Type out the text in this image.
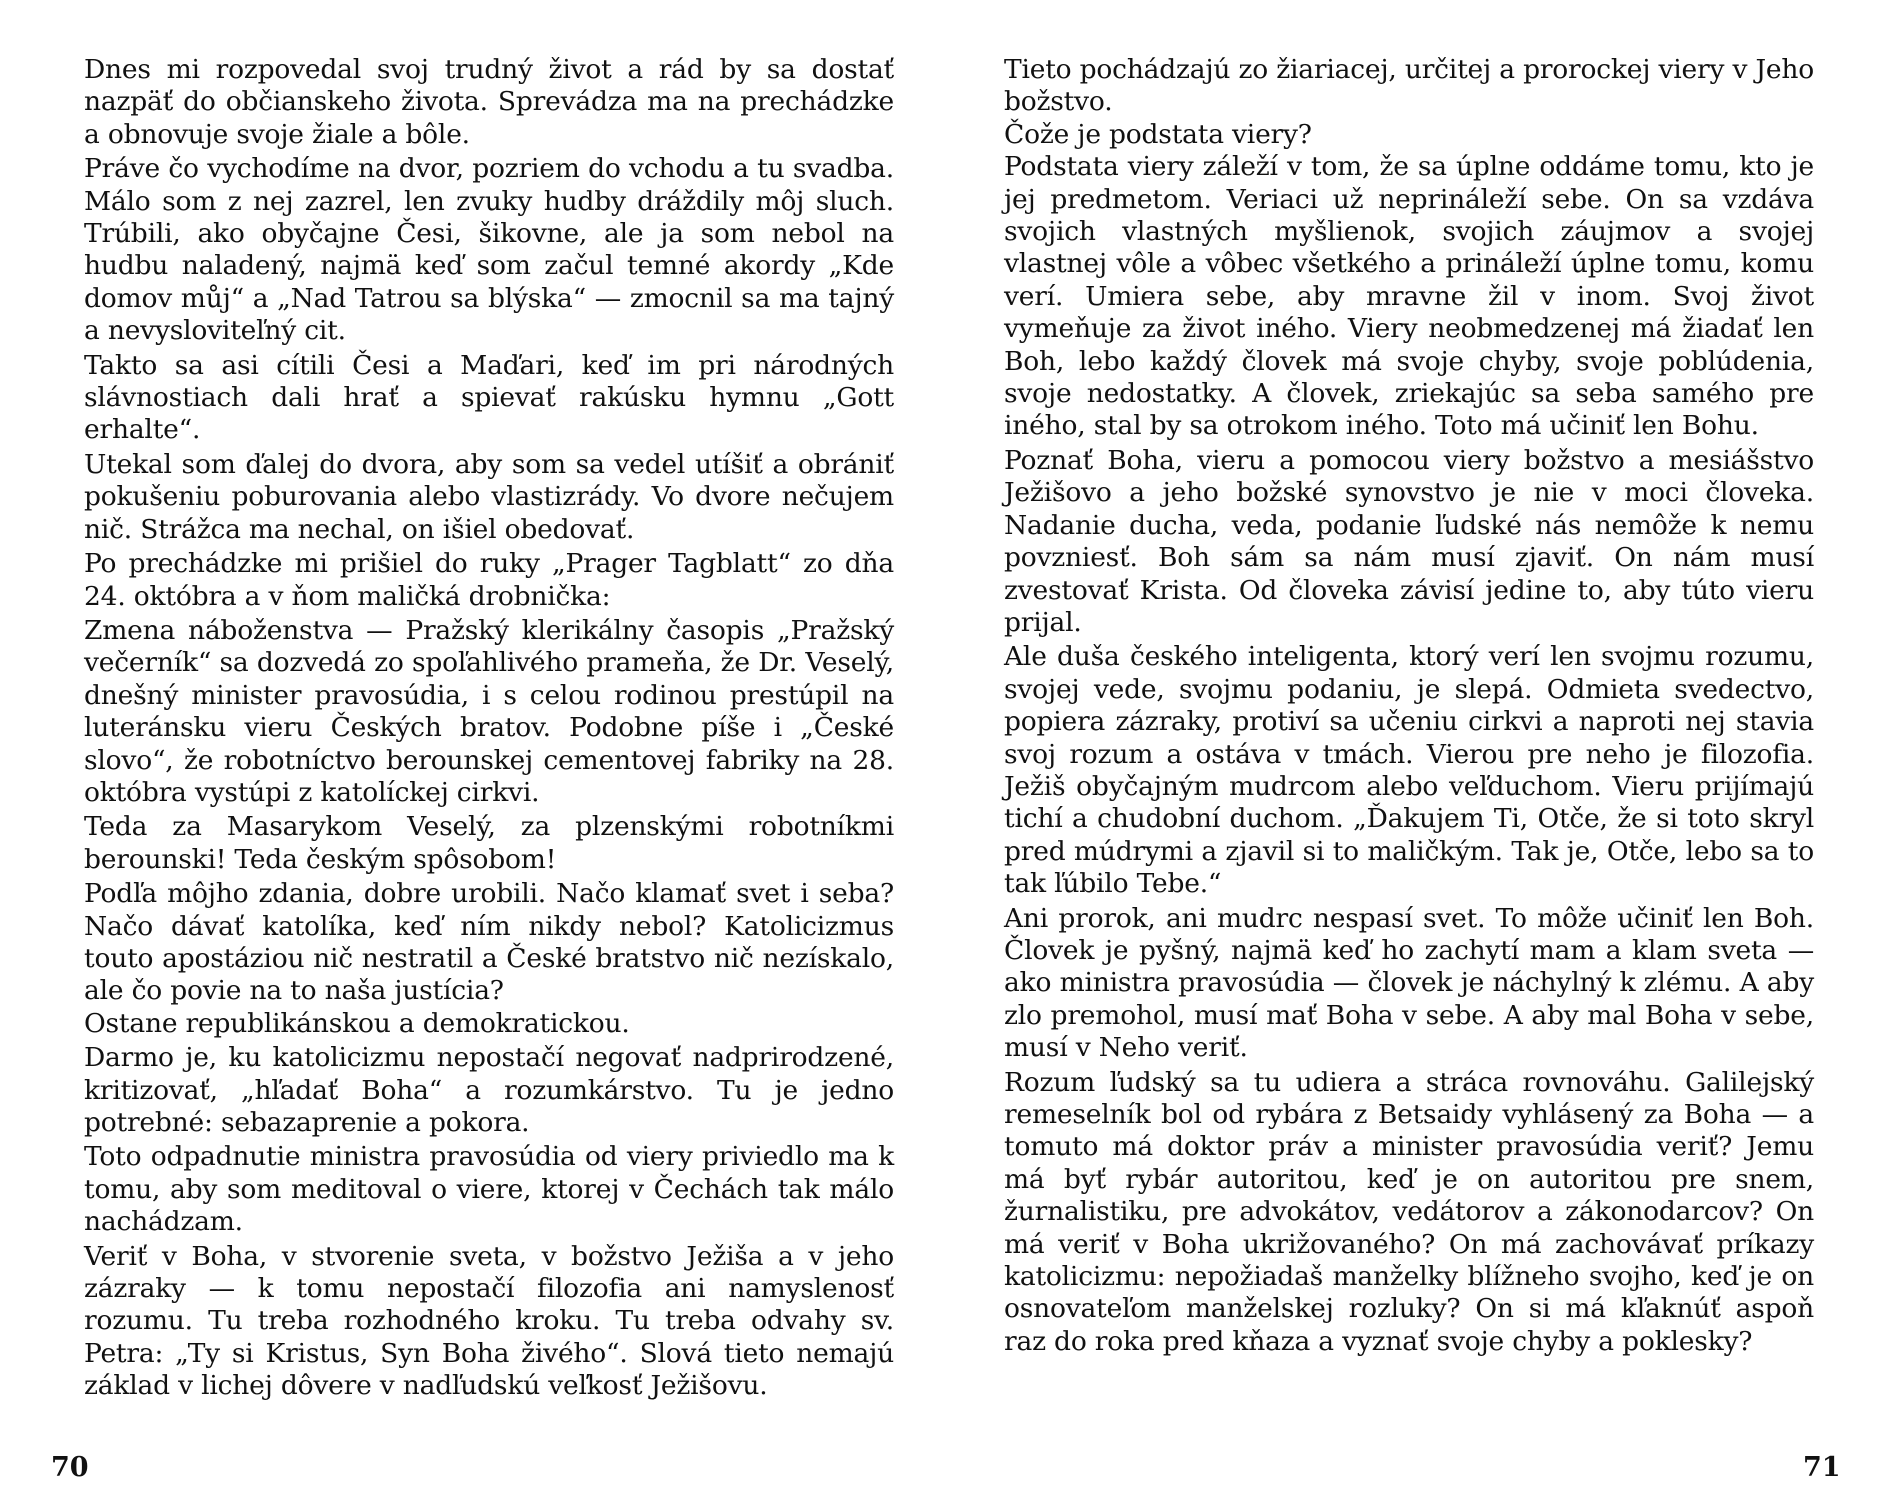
Dnes mi rozpovedal svoj trudný život a rád by sa dostať nazpäť do občianskeho života. Sprevádza ma na prechádzke a obnovuje svoje žiale a bôle.

Práve čo vychodíme na dvor, pozriem do vchodu a tu svadba. Málo som z nej zazrel, len zvuky hudby dráždily môj sluch. Trúbili, ako obyčajne Česi, šikovne, ale ja som nebol na hudbu naladený, najmä keď som začul temné akordy „Kde domov můj“ a „Nad Tatrou sa blýska“ — zmocnil sa ma tajný a nevysloviteľný cit.

Takto sa asi cítili Česi a Maďari, keď im pri národných slávnostiach dali hrať a spievať rakúsku hymnu „Gott erhalte“.

Utekal som ďalej do dvora, aby som sa vedel utíšiť a obrániť pokušeniu poburovania alebo vlastizrády. Vo dvore nečujem nič. Strážca ma nechal, on išiel obedovať.

Po prechádzke mi prišiel do ruky „Prager Tagblatt“ zo dňa 24. októbra a v ňom maličká drobnička:

Zmena náboženstva — Pražský klerikálny časopis „Pražský večerník“ sa dozvedá zo spoľahlivého prameňa, že Dr. Veselý, dnešný minister pravosúdia, i s celou rodinou prestúpil na luteránsku vieru Českých bratov. Podobne píše i „České slovo“, že robotníctvo berounskej cementovej fabriky na 28. októbra vystúpi z katolíckej cirkvi.

Teda za Masarykom Veselý, za plzenskými robotníkmi berounski! Teda českým spôsobom!

Podľa môjho zdania, dobre urobili. Načo klamať svet i seba? Načo dávať katolíka, keď ním nikdy nebol? Katolicizmus touto apostáziou nič nestratil a České bratstvo nič nezískalo, ale čo povie na to naša justícia?

Ostane republikánskou a demokratickou.

Darmo je, ku katolicizmu nepostačí negovať nadprirodzené, kritizovať, „hľadať Boha“ a rozumkárstvo. Tu je jedno potrebné: sebazaprenie a pokora.

Toto odpadnutie ministra pravosúdia od viery priviedlo ma k tomu, aby som meditoval o viere, ktorej v Čechách tak málo nachádzam.

Veriť v Boha, v stvorenie sveta, v božstvo Ježiša a v jeho zázraky — k tomu nepostačí filozofia ani namyslenosť rozumu. Tu treba rozhodného kroku. Tu treba odvahy sv. Petra: „Ty si Kristus, Syn Boha živého“. Slová tieto nemajú základ v lichej dôvere v nadľudskú veľkosť Ježišovu.

70

Tieto pochádzajú zo žiariacej, určitej a prorockej viery v Jeho božstvo.

Čože je podstata viery?

Podstata viery záleží v tom, že sa úplne oddáme tomu, kto je jej predmetom. Veriaci už neprináleží sebe. On sa vzdáva svojich vlastných myšlienok, svojich záujmov a svojej vlastnej vôle a vôbec všetkého a prináleží úplne tomu, komu verí. Umiera sebe, aby mravne žil v inom. Svoj život vymeňuje za život iného. Viery neobmedzenej má žiadať len Boh, lebo každý človek má svoje chyby, svoje poblúdenia, svoje nedostatky. A človek, zriekajúc sa seba samého pre iného, stal by sa otrokom iného. Toto má učiniť len Bohu.

Poznať Boha, vieru a pomocou viery božstvo a mesiášstvo Ježišovo a jeho božské synovstvo je nie v moci človeka. Nadanie ducha, veda, podanie ľudské nás nemôže k nemu povzniesť. Boh sám sa nám musí zjaviť. On nám musí zvestovať Krista. Od človeka závisí jedine to, aby túto vieru prijal.

Ale duša českého inteligenta, ktorý verí len svojmu rozumu, svojej vede, svojmu podaniu, je slepá. Odmieta svedectvo, popiera zázraky, protiví sa učeniu cirkvi a naproti nej stavia svoj rozum a ostáva v tmách. Vierou pre neho je filozofia. Ježiš obyčajným mudrcom alebo veľduchom. Vieru prijímajú tichí a chudobní duchom. „Ďakujem Ti, Otče, že si toto skryl pred múdrymi a zjavil si to maličkým. Tak je, Otče, lebo sa to tak ľúbilo Tebe.“

Ani prorok, ani mudrc nespasí svet. To môže učiniť len Boh. Človek je pyšný, najmä keď ho zachytí mam a klam sveta — ako ministra pravosúdia — človek je náchylný k zlému. A aby zlo premohol, musí mať Boha v sebe. A aby mal Boha v sebe, musí v Neho veriť.

Rozum ľudský sa tu udiera a stráca rovnováhu. Galilejský remeselník bol od rybára z Betsaidy vyhlásený za Boha — a tomuto má doktor práv a minister pravosúdia veriť? Jemu má byť rybár autoritou, keď je on autoritou pre snem, žurnalistiku, pre advokátov, vedátorov a zákonodarcov? On má veriť v Boha ukrižovaného? On má zachovávať príkazy katolicizmu: nepožiadaš manželky blížneho svojho, keď je on osnovateľom manželskej rozluky? On si má kľaknúť aspoň raz do roka pred kňaza a vyznať svoje chyby a poklesky?

71
